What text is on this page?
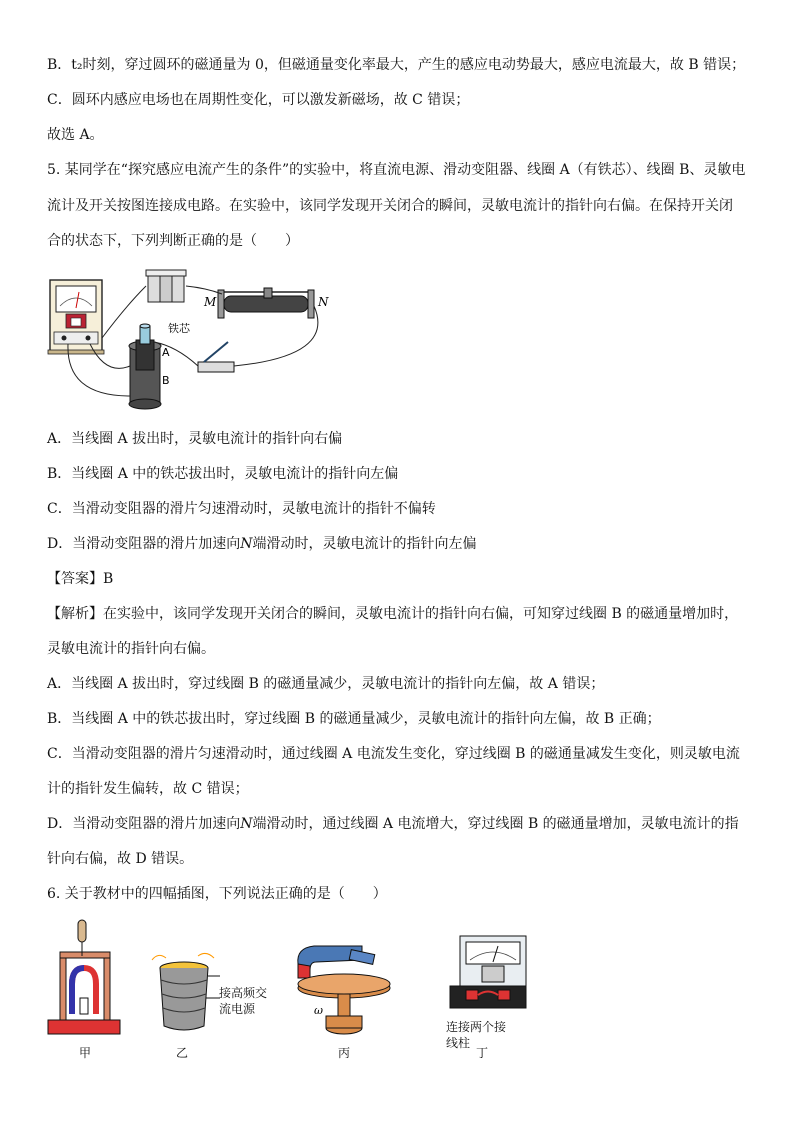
B．t₂时刻，穿过圆环的磁通量为 0，但磁通量变化率最大，产生的感应电动势最大，感应电流最大，故 B 错误；
C．圆环内感应电场也在周期性变化，可以激发新磁场，故 C 错误；
故选 A。
5. 某同学在“探究感应电流产生的条件”的实验中，将直流电源、滑动变阻器、线圈 A（有铁芯）、线圈 B、灵敏电
流计及开关按图连接成电路。在实验中，该同学发现开关闭合的瞬间，灵敏电流计的指针向右偏。在保持开关闭
合的状态下，下列判断正确的是（　　）
M	N
铁芯
A
B
A．当线圈 A 拔出时，灵敏电流计的指针向右偏
B．当线圈 A 中的铁芯拔出时，灵敏电流计的指针向左偏
C．当滑动变阻器的滑片匀速滑动时，灵敏电流计的指针不偏转
D．当滑动变阻器的滑片加速向N端滑动时，灵敏电流计的指针向左偏
【答案】B
【解析】在实验中，该同学发现开关闭合的瞬间，灵敏电流计的指针向右偏，可知穿过线圈 B 的磁通量增加时，
灵敏电流计的指针向右偏。
A．当线圈 A 拔出时，穿过线圈 B 的磁通量减少，灵敏电流计的指针向左偏，故 A 错误；
B．当线圈 A 中的铁芯拔出时，穿过线圈 B 的磁通量减少，灵敏电流计的指针向左偏，故 B 正确；
C．当滑动变阻器的滑片匀速滑动时，通过线圈 A 电流发生变化，穿过线圈 B 的磁通量减发生变化，则灵敏电流
计的指针发生偏转，故 C 错误；
D．当滑动变阻器的滑片加速向N端滑动时，通过线圈 A 电流增大，穿过线圈 B 的磁通量增加，灵敏电流计的指
针向右偏，故 D 错误。
6. 关于教材中的四幅插图，下列说法正确的是（　　）
甲
接高频交
流电源
乙
ω
丙
连接两个接
线柱
丁
